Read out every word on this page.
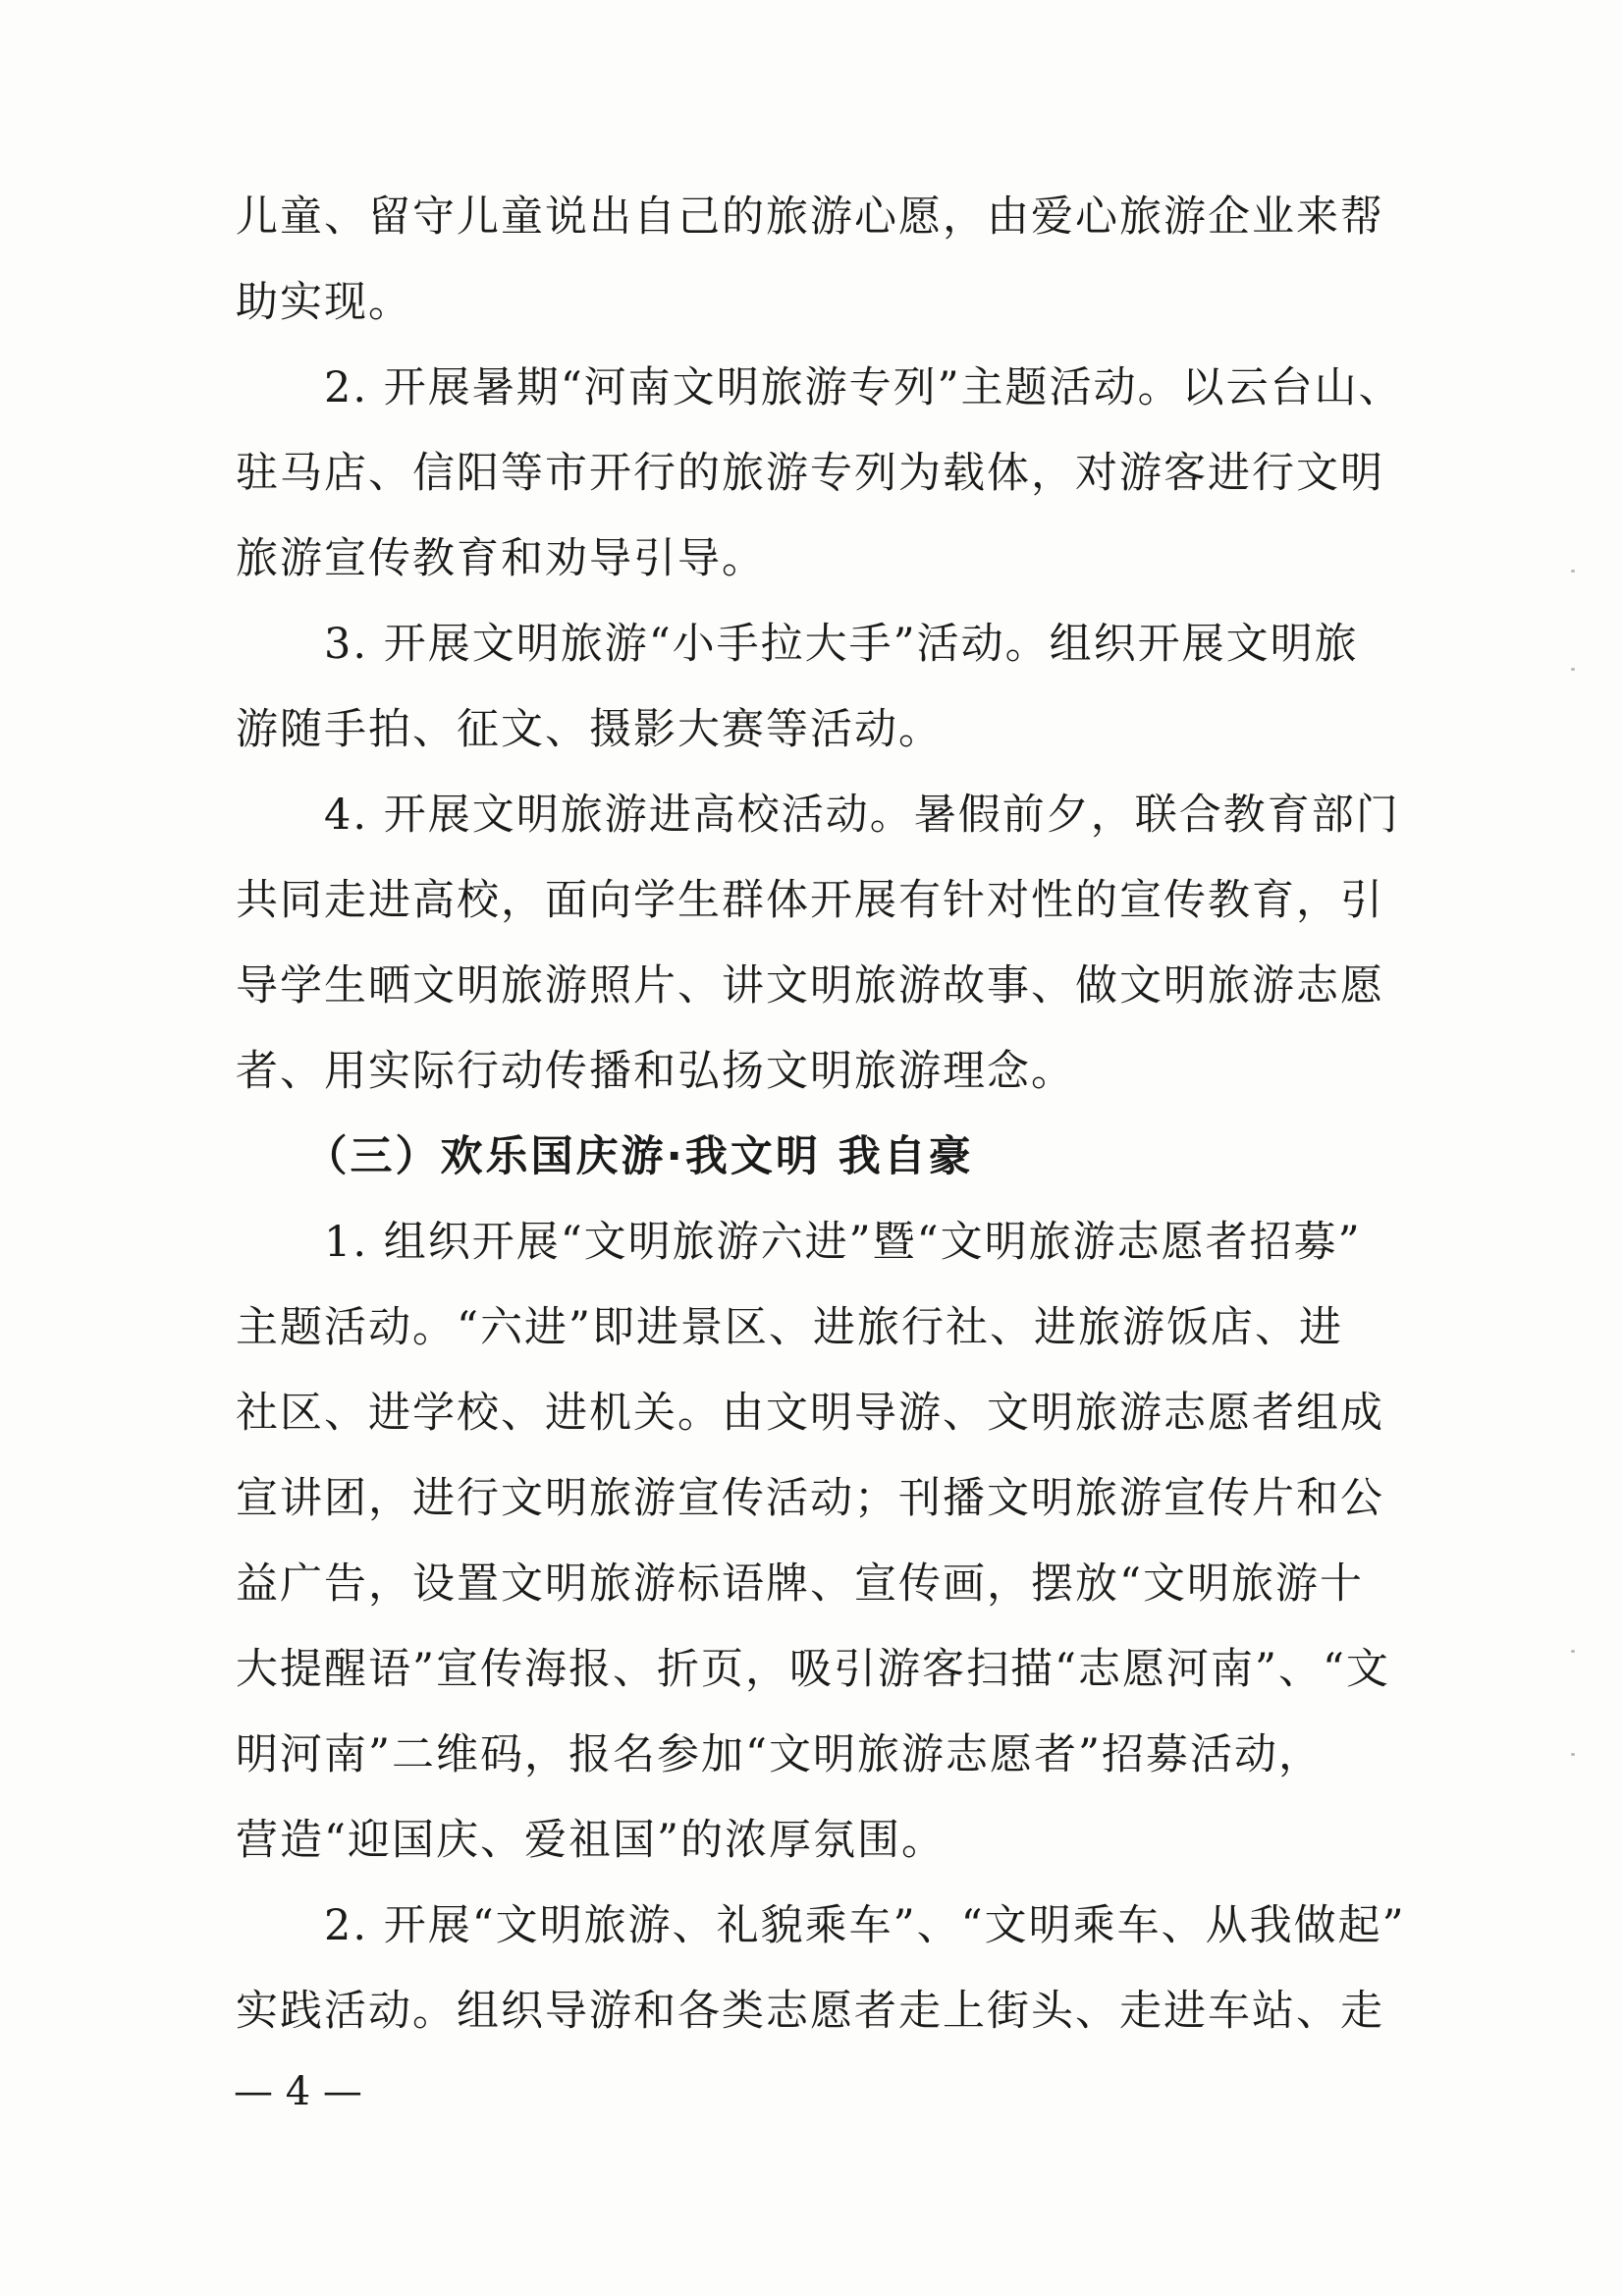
儿童、留守儿童说出自己的旅游心愿，由爱心旅游企业来帮
助实现。
　　2. 开展暑期“河南文明旅游专列”主题活动。以云台山、
驻马店、信阳等市开行的旅游专列为载体，对游客进行文明
旅游宣传教育和劝导引导。
　　3. 开展文明旅游“小手拉大手”活动。组织开展文明旅
游随手拍、征文、摄影大赛等活动。
　　4. 开展文明旅游进高校活动。暑假前夕，联合教育部门
共同走进高校，面向学生群体开展有针对性的宣传教育，引
导学生晒文明旅游照片、讲文明旅游故事、做文明旅游志愿
者、用实际行动传播和弘扬文明旅游理念。
　　（三）欢乐国庆游·我文明 我自豪
　　1. 组织开展“文明旅游六进”暨“文明旅游志愿者招募”
主题活动。“六进”即进景区、进旅行社、进旅游饭店、进
社区、进学校、进机关。由文明导游、文明旅游志愿者组成
宣讲团，进行文明旅游宣传活动；刊播文明旅游宣传片和公
益广告，设置文明旅游标语牌、宣传画，摆放“文明旅游十
大提醒语”宣传海报、折页，吸引游客扫描“志愿河南”、“文
明河南”二维码，报名参加“文明旅游志愿者”招募活动，
营造“迎国庆、爱祖国”的浓厚氛围。
　　2. 开展“文明旅游、礼貌乘车”、“文明乘车、从我做起”
实践活动。组织导游和各类志愿者走上街头、走进车站、走
— 4 —
